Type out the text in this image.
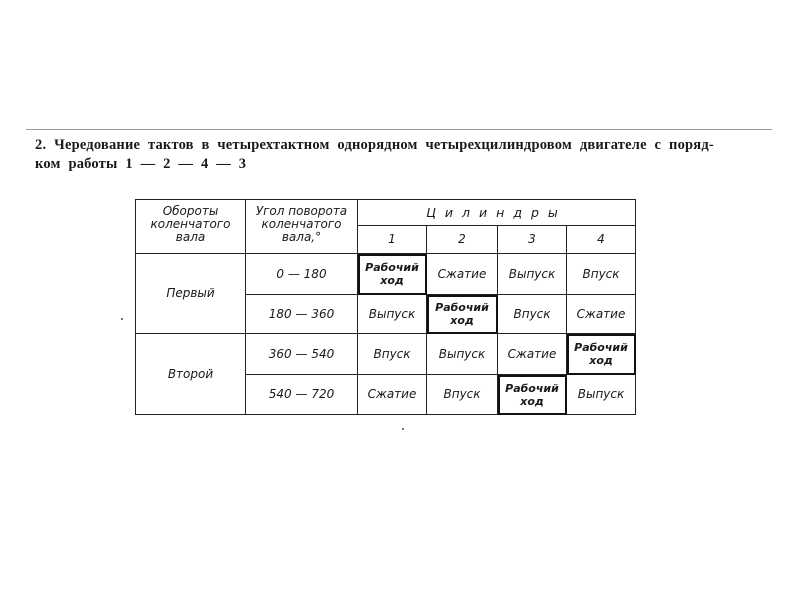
2. Чередование тактов в четырехтактном однорядном четырехцилиндровом двигателе с поряд-
ком работы 1 — 2 — 4 — 3
Обороты коленчатого вала	Угол поворота коленчатого вала,°	Цилиндры			
		1	2	3	4
Первый	0 — 180	Рабочий ход	Сжатие	Выпуск	Впуск
	180 — 360	Выпуск	Рабочий ход	Впуск	Сжатие
Второй	360 — 540	Впуск	Выпуск	Сжатие	Рабочий ход
	540 — 720	Сжатие	Впуск	Рабочий ход	Выпуск
